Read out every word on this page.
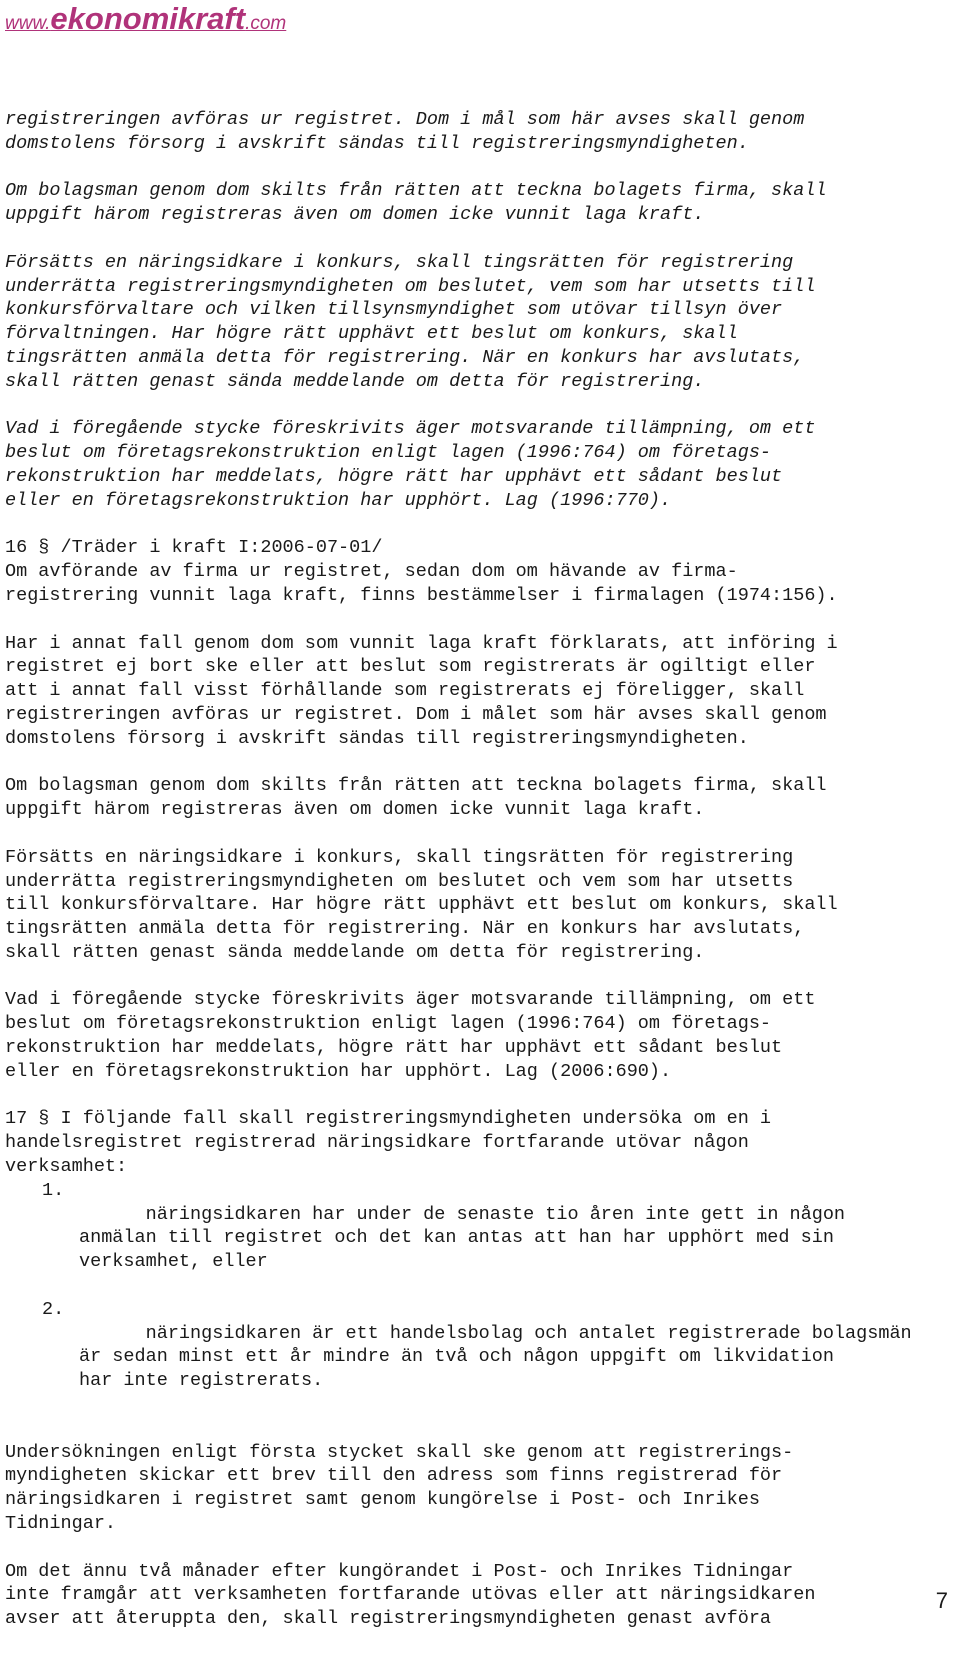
www.ekonomikraft.com
registreringen avföras ur registret. Dom i mål som här avses skall genom
domstolens försorg i avskrift sändas till registreringsmyndigheten.
Om bolagsman genom dom skilts från rätten att teckna bolagets firma, skall
uppgift härom registreras även om domen icke vunnit laga kraft.
Försätts en näringsidkare i konkurs, skall tingsrätten för registrering
underrätta registreringsmyndigheten om beslutet, vem som har utsetts till
konkursförvaltare och vilken tillsynsmyndighet som utövar tillsyn över
förvaltningen. Har högre rätt upphävt ett beslut om konkurs, skall
tingsrätten anmäla detta för registrering. När en konkurs har avslutats,
skall rätten genast sända meddelande om detta för registrering.
Vad i föregående stycke föreskrivits äger motsvarande tillämpning, om ett
beslut om företagsrekonstruktion enligt lagen (1996:764) om företags-
rekonstruktion har meddelats, högre rätt har upphävt ett sådant beslut
eller en företagsrekonstruktion har upphört. Lag (1996:770).
16 § /Träder i kraft I:2006-07-01/
Om avförande av firma ur registret, sedan dom om hävande av firma-
registrering vunnit laga kraft, finns bestämmelser i firmalagen (1974:156).
Har i annat fall genom dom som vunnit laga kraft förklarats, att införing i
registret ej bort ske eller att beslut som registrerats är ogiltigt eller
att i annat fall visst förhållande som registrerats ej föreligger, skall
registreringen avföras ur registret. Dom i målet som här avses skall genom
domstolens försorg i avskrift sändas till registreringsmyndigheten.
Om bolagsman genom dom skilts från rätten att teckna bolagets firma, skall
uppgift härom registreras även om domen icke vunnit laga kraft.
Försätts en näringsidkare i konkurs, skall tingsrätten för registrering
underrätta registreringsmyndigheten om beslutet och vem som har utsetts
till konkursförvaltare. Har högre rätt upphävt ett beslut om konkurs, skall
tingsrätten anmäla detta för registrering. När en konkurs har avslutats,
skall rätten genast sända meddelande om detta för registrering.
Vad i föregående stycke föreskrivits äger motsvarande tillämpning, om ett
beslut om företagsrekonstruktion enligt lagen (1996:764) om företags-
rekonstruktion har meddelats, högre rätt har upphävt ett sådant beslut
eller en företagsrekonstruktion har upphört. Lag (2006:690).
17 § I följande fall skall registreringsmyndigheten undersöka om en i
handelsregistret registrerad näringsidkare fortfarande utövar någon
verksamhet:

1.
näringsidkaren har under de senaste tio åren inte gett in någon
anmälan till registret och det kan antas att han har upphört med sin
verksamhet, eller

2.
näringsidkaren är ett handelsbolag och antalet registrerade bolagsmän
är sedan minst ett år mindre än två och någon uppgift om likvidation
har inte registrerats.

Undersökningen enligt första stycket skall ske genom att registrerings-
myndigheten skickar ett brev till den adress som finns registrerad för
näringsidkaren i registret samt genom kungörelse i Post- och Inrikes
Tidningar.
Om det ännu två månader efter kungörandet i Post- och Inrikes Tidningar
inte framgår att verksamheten fortfarande utövas eller att näringsidkaren
avser att återuppta den, skall registreringsmyndigheten genast avföra
7
